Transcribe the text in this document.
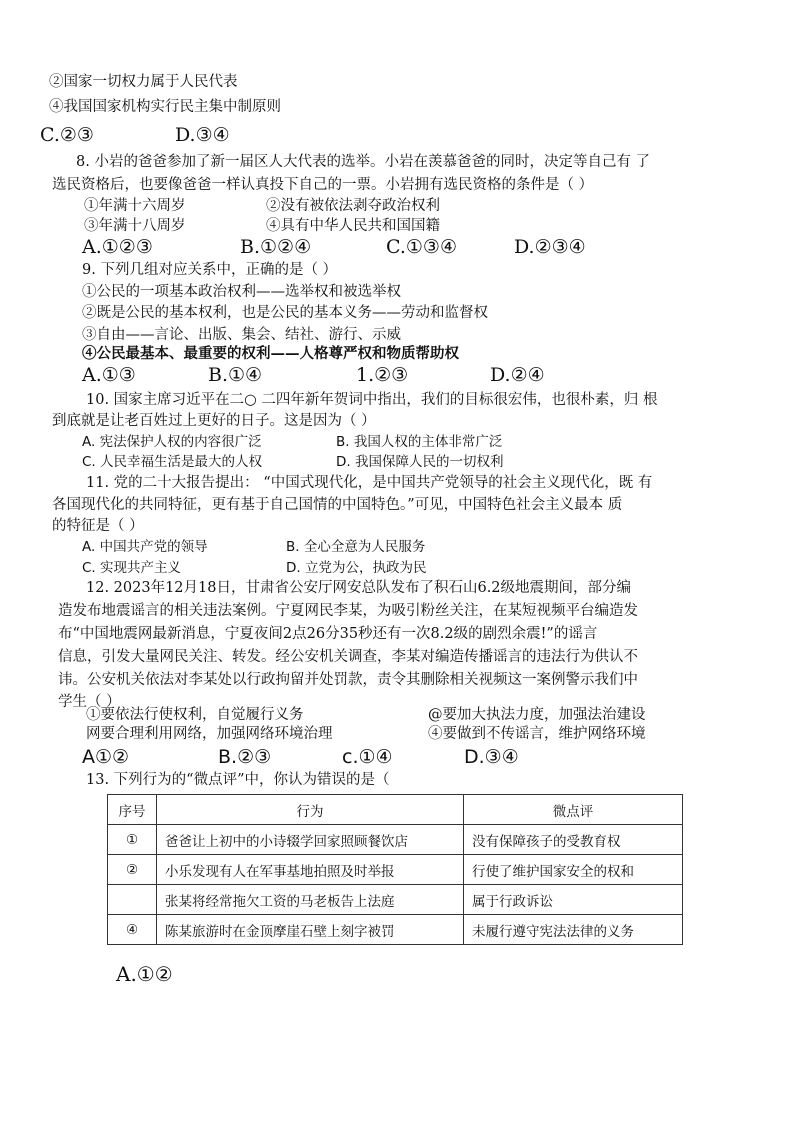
②国家一切权力属于人民代表
④我国国家机构实行民主集中制原则
C.②③	D.③④
8. 小岩的爸爸参加了新一届区人大代表的选举。小岩在羡慕爸爸的同时，决定等自己有 了
选民资格后，也要像爸爸一样认真投下自己的一票。小岩拥有选民资格的条件是（ ）
①年满十六周岁	②没有被依法剥夺政治权利
③年满十八周岁	④具有中华人民共和国国籍
A.①②③	B.①②④	C.①③④	D.②③④
9. 下列几组对应关系中，正确的是（ ）
①公民的一项基本政治权利——选举权和被选举权
②既是公民的基本权利，也是公民的基本义务——劳动和监督权
③自由——言论、出版、集会、结社、游行、示威
④公民最基本、最重要的权利——人格尊严权和物质帮助权
A.①③	B.①④	1.②③	D.②④
10. 国家主席习近平在二○ 二四年新年贺词中指出，我们的目标很宏伟，也很朴素，归 根
到底就是让老百姓过上更好的日子。这是因为（ ）
A. 宪法保护人权的内容很广泛	B. 我国人权的主体非常广泛
C. 人民幸福生活是最大的人权	D. 我国保障人民的一切权利
11. 党的二十大报告提出： “中国式现代化，是中国共产党领导的社会主义现代化，既 有
各国现代化的共同特征，更有基于自己国情的中国特色。”可见，中国特色社会主义最本 质
的特征是（ ）
A. 中国共产党的领导	B. 全心全意为人民服务
C. 实现共产主义	D. 立党为公，执政为民
12. 2023年12月18日，甘肃省公安厅网安总队发布了积石山6.2级地震期间，部分编
造发布地震谣言的相关违法案例。宁夏网民李某，为吸引粉丝关注，在某短视频平台编造发
布“中国地震网最新消息，宁夏夜间2点26分35秒还有一次8.2级的剧烈余震!”的谣言
信息，引发大量网民关注、转发。经公安机关调查，李某对编造传播谣言的违法行为供认不
讳。公安机关依法对李某处以行政拘留并处罚款，责令其删除相关视频这一案例警示我们中
学生（ ）
①要依法行使权利，自觉履行义务	@要加大执法力度，加强法治建设
网要合理利用网络，加强网络环境治理	④要做到不传谣言，维护网络环境
A①②	B.②③	c.①④	D.③④
13. 下列行为的“微点评”中，你认为错误的是（
序号	行为	微点评
①	爸爸让上初中的小诗辍学回家照顾餐饮店	没有保障孩子的受教育权
②	小乐发现有人在军事基地拍照及时举报	行使了维护国家安全的权和
	张某将经常拖欠工资的马老板告上法庭	属于行政诉讼
④	陈某旅游时在金顶摩崖石壁上刻字被罚	未履行遵守宪法法律的义务
A.①②
